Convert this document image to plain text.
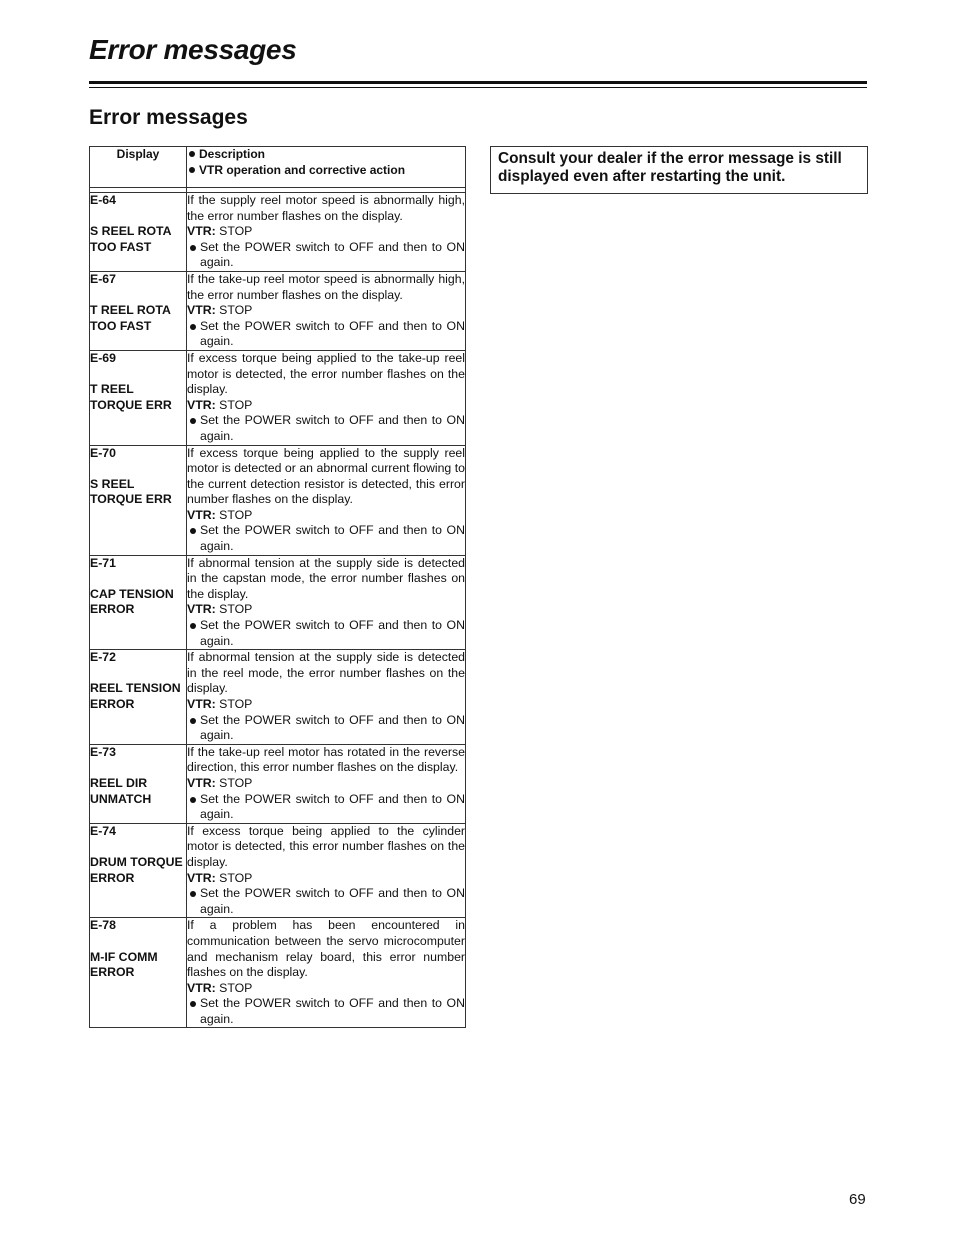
Error messages
Error messages
Display	Description
VTR operation and corrective action

E-64
S REEL ROTA TOO FAST	If the supply reel motor speed is abnormally high, the error number flashes on the display.
VTR: STOP
Set the POWER switch to OFF and then to ON again.

E-67
T REEL ROTA TOO FAST	If the take-up reel motor speed is abnormally high, the error number flashes on the display.
VTR: STOP
Set the POWER switch to OFF and then to ON again.

E-69
T REEL TORQUE ERR	If excess torque being applied to the take-up reel motor is detected, the error number flashes on the display.
VTR: STOP
Set the POWER switch to OFF and then to ON again.

E-70
S REEL TORQUE ERR	If excess torque being applied to the supply reel motor is detected or an abnormal current flowing to the current detection resistor is detected, this error number flashes on the display.
VTR: STOP
Set the POWER switch to OFF and then to ON again.

E-71
CAP TENSION ERROR	If abnormal tension at the supply side is detected in the capstan mode, the error number flashes on the display.
VTR: STOP
Set the POWER switch to OFF and then to ON again.

E-72
REEL TENSION ERROR	If abnormal tension at the supply side is detected in the reel mode, the error number flashes on the display.
VTR: STOP
Set the POWER switch to OFF and then to ON again.

E-73
REEL DIR UNMATCH	If the take-up reel motor has rotated in the reverse direction, this error number flashes on the display.
VTR: STOP
Set the POWER switch to OFF and then to ON again.

E-74
DRUM TORQUE ERROR	If excess torque being applied to the cylinder motor is detected, this error number flashes on the display.
VTR: STOP
Set the POWER switch to OFF and then to ON again.

E-78
M-IF COMM ERROR	If a problem has been encountered in communication between the servo microcomputer and mechanism relay board, this error number flashes on the display.
VTR: STOP
Set the POWER switch to OFF and then to ON again.
Consult your dealer if the error message is still displayed even after restarting the unit.
69
